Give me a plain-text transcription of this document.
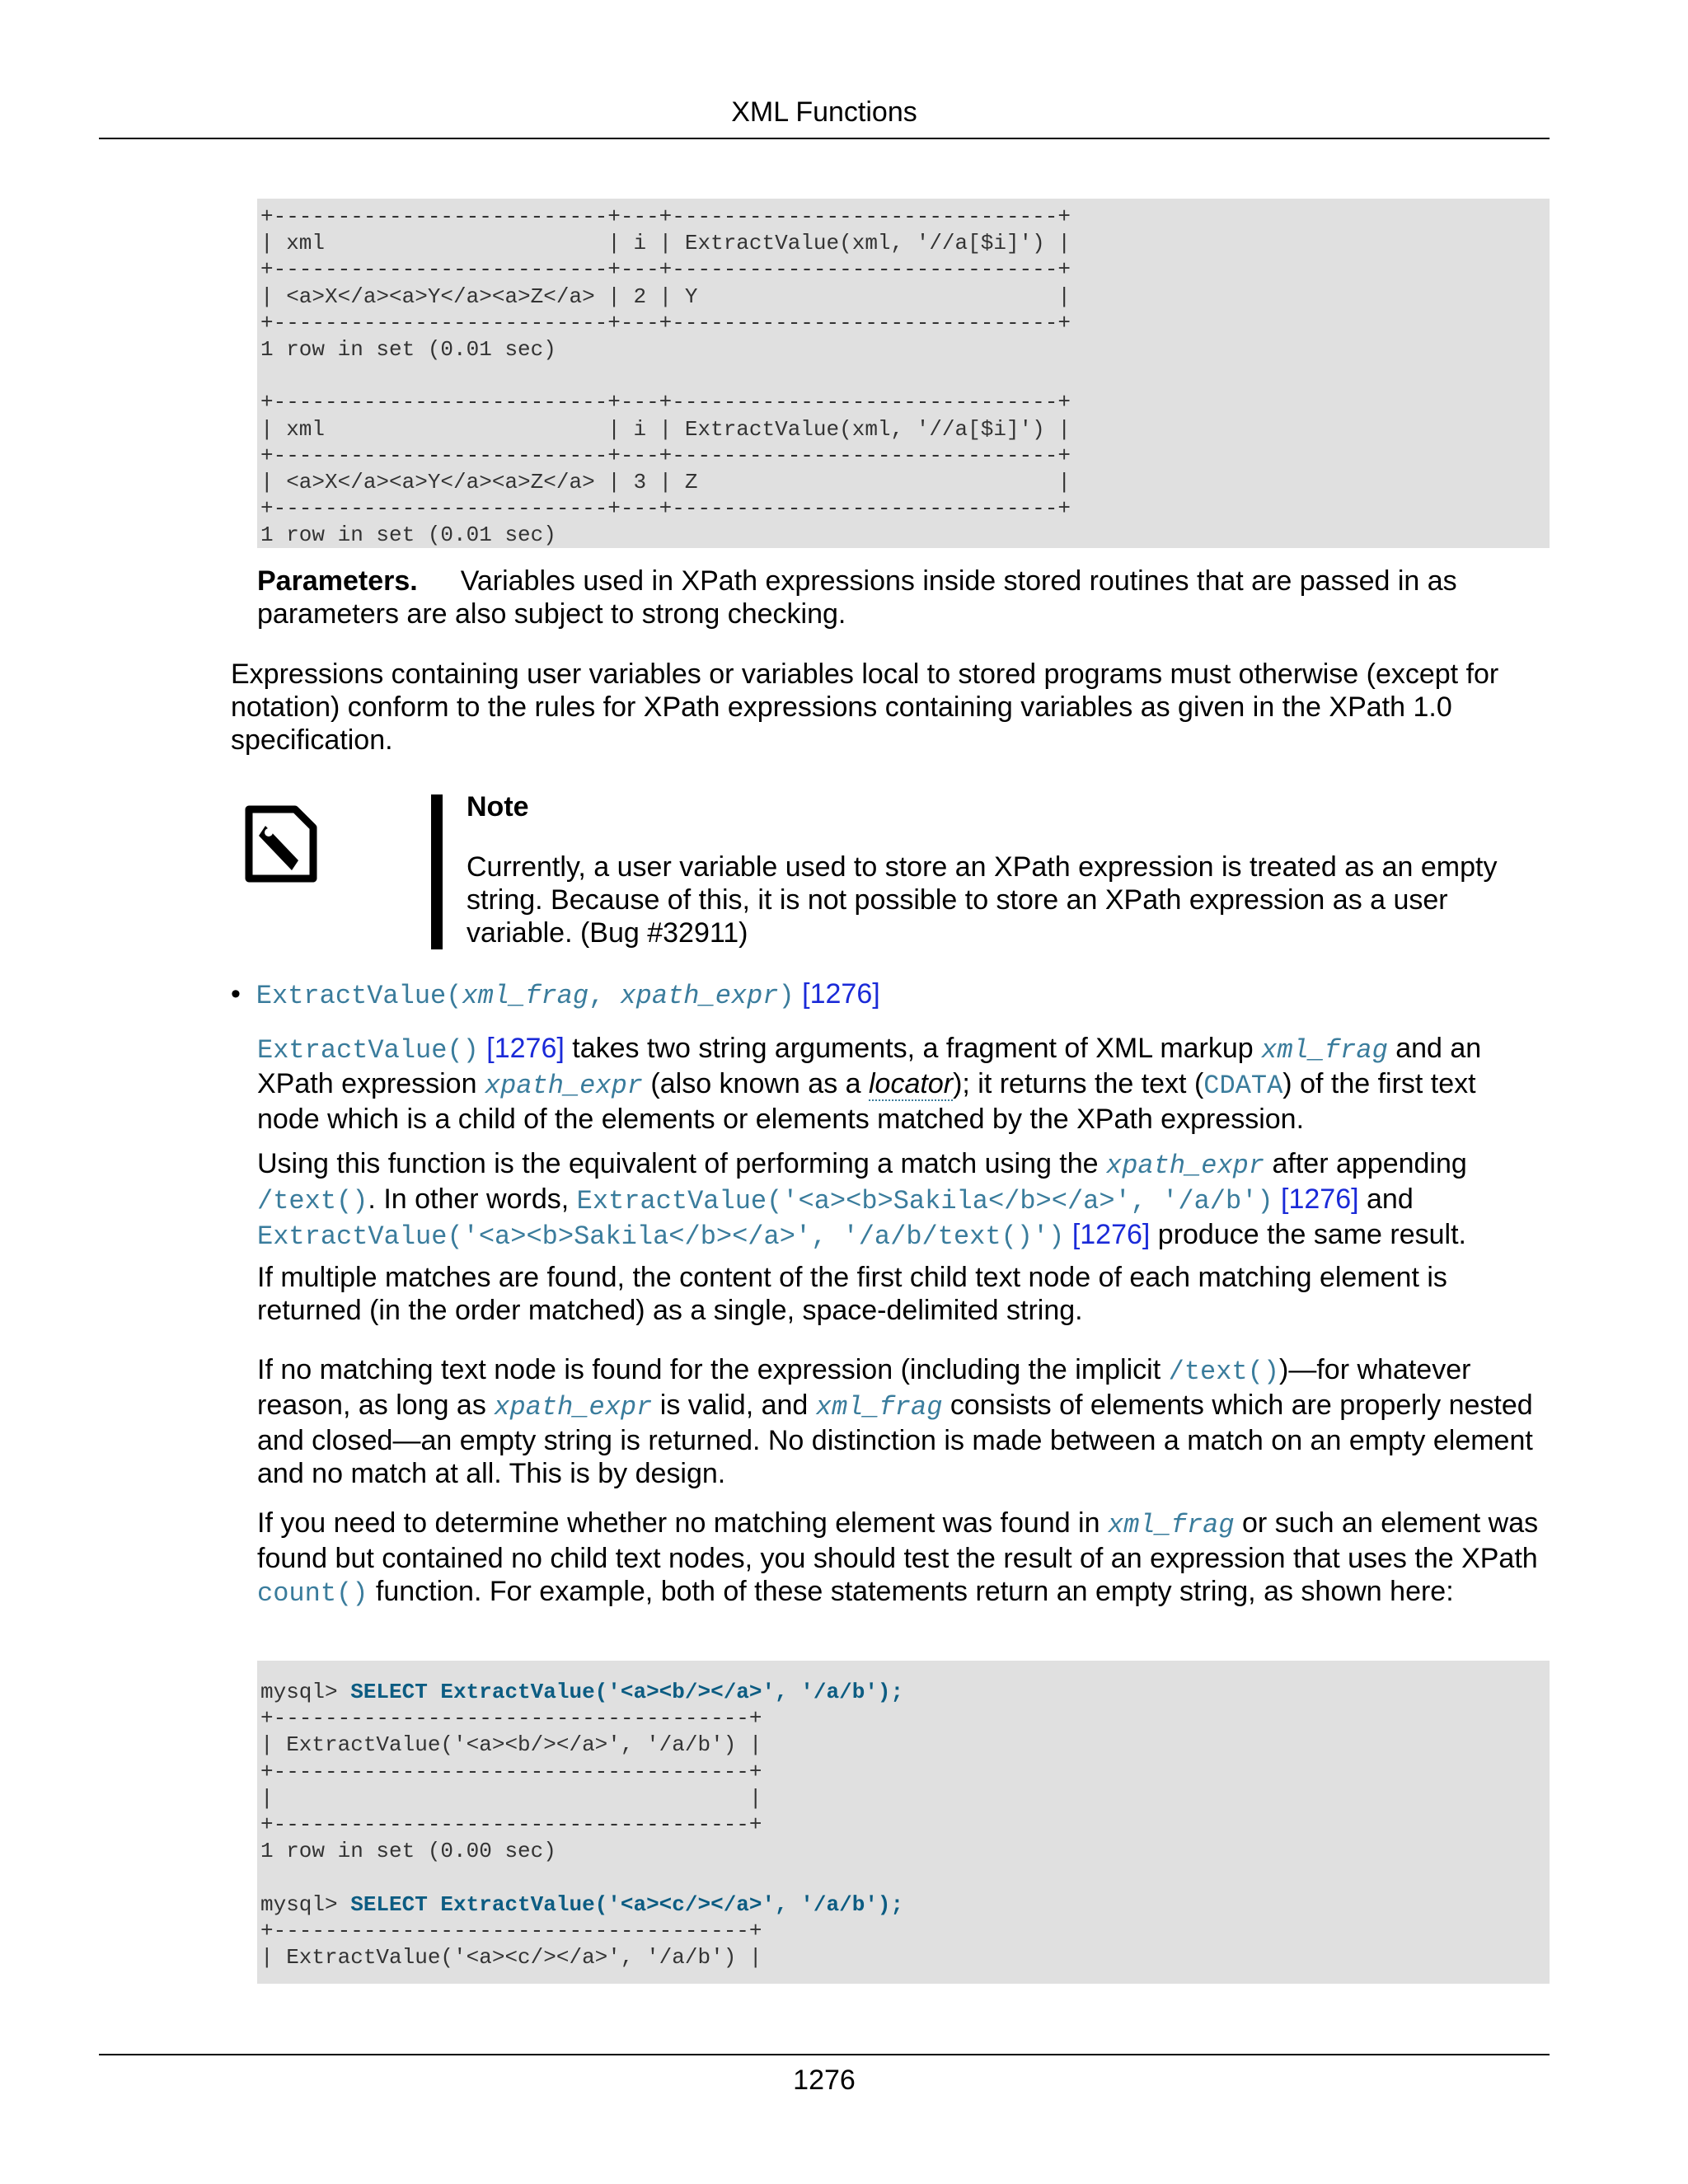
XML Functions
+--------------------------+---+------------------------------+
| xml                      | i | ExtractValue(xml, '//a[$i]') |
+--------------------------+---+------------------------------+
| <a>X</a><a>Y</a><a>Z</a> | 2 | Y                            |
+--------------------------+---+------------------------------+
1 row in set (0.01 sec)

+--------------------------+---+------------------------------+
| xml                      | i | ExtractValue(xml, '//a[$i]') |
+--------------------------+---+------------------------------+
| <a>X</a><a>Y</a><a>Z</a> | 3 | Z                            |
+--------------------------+---+------------------------------+
1 row in set (0.01 sec)

Parameters. Variables used in XPath expressions inside stored routines that are passed in as parameters are also subject to strong checking.

Expressions containing user variables or variables local to stored programs must otherwise (except for notation) conform to the rules for XPath expressions containing variables as given in the XPath 1.0 specification.

Note
Currently, a user variable used to store an XPath expression is treated as an empty string. Because of this, it is not possible to store an XPath expression as a user variable. (Bug #32911)
•  ExtractValue(xml_frag, xpath_expr) [1276]

ExtractValue() [1276] takes two string arguments, a fragment of XML markup xml_frag and an XPath expression xpath_expr (also known as a locator); it returns the text (CDATA) of the first text node which is a child of the elements or elements matched by the XPath expression.

Using this function is the equivalent of performing a match using the xpath_expr after appending /text(). In other words, ExtractValue('<a><b>Sakila</b></a>', '/a/b') [1276] and ExtractValue('<a><b>Sakila</b></a>', '/a/b/text()') [1276] produce the same result.

If multiple matches are found, the content of the first child text node of each matching element is returned (in the order matched) as a single, space-delimited string.

If no matching text node is found for the expression (including the implicit /text())—for whatever reason, as long as xpath_expr is valid, and xml_frag consists of elements which are properly nested and closed—an empty string is returned. No distinction is made between a match on an empty element and no match at all. This is by design.

If you need to determine whether no matching element was found in xml_frag or such an element was found but contained no child text nodes, you should test the result of an expression that uses the XPath count() function. For example, both of these statements return an empty string, as shown here:

mysql> SELECT ExtractValue('<a><b/></a>', '/a/b');
+-------------------------------------+
| ExtractValue('<a><b/></a>', '/a/b') |
+-------------------------------------+
|                                     |
+-------------------------------------+
1 row in set (0.00 sec)

mysql> SELECT ExtractValue('<a><c/></a>', '/a/b');
+-------------------------------------+
| ExtractValue('<a><c/></a>', '/a/b') |
1276
